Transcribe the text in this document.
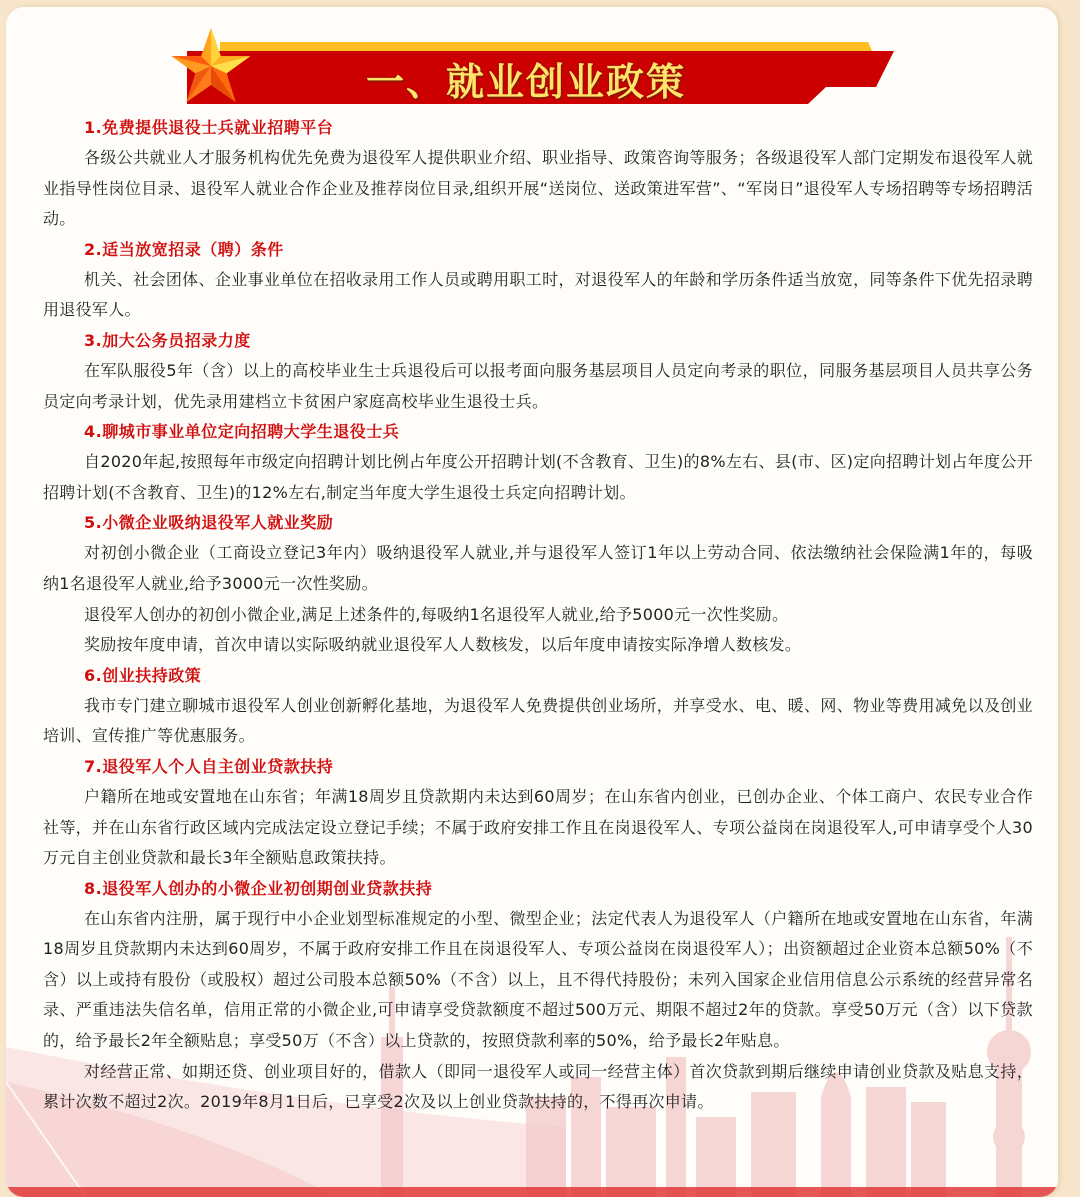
一、就业创业政策
1.免费提供退役士兵就业招聘平台

各级公共就业人才服务机构优先免费为退役军人提供职业介绍、职业指导、政策咨询等服务；各级退役军人部门定期发布退役军人就业指导性岗位目录、退役军人就业合作企业及推荐岗位目录,组织开展“送岗位、送政策进军营”、“军岗日”退役军人专场招聘等专场招聘活动。

2.适当放宽招录（聘）条件

机关、社会团体、企业事业单位在招收录用工作人员或聘用职工时，对退役军人的年龄和学历条件适当放宽，同等条件下优先招录聘用退役军人。

3.加大公务员招录力度

在军队服役5年（含）以上的高校毕业生士兵退役后可以报考面向服务基层项目人员定向考录的职位，同服务基层项目人员共享公务员定向考录计划，优先录用建档立卡贫困户家庭高校毕业生退役士兵。

4.聊城市事业单位定向招聘大学生退役士兵

自2020年起,按照每年市级定向招聘计划比例占年度公开招聘计划(不含教育、卫生)的8%左右、县(市、区)定向招聘计划占年度公开招聘计划(不含教育、卫生)的12%左右,制定当年度大学生退役士兵定向招聘计划。

5.小微企业吸纳退役军人就业奖励

对初创小微企业（工商设立登记3年内）吸纳退役军人就业,并与退役军人签订1年以上劳动合同、依法缴纳社会保险满1年的，每吸纳1名退役军人就业,给予3000元一次性奖励。

退役军人创办的初创小微企业,满足上述条件的,每吸纳1名退役军人就业,给予5000元一次性奖励。

奖励按年度申请，首次申请以实际吸纳就业退役军人人数核发，以后年度申请按实际净增人数核发。

6.创业扶持政策

我市专门建立聊城市退役军人创业创新孵化基地，为退役军人免费提供创业场所，并享受水、电、暖、网、物业等费用减免以及创业培训、宣传推广等优惠服务。

7.退役军人个人自主创业贷款扶持

户籍所在地或安置地在山东省；年满18周岁且贷款期内未达到60周岁；在山东省内创业，已创办企业、个体工商户、农民专业合作社等，并在山东省行政区域内完成法定设立登记手续；不属于政府安排工作且在岗退役军人、专项公益岗在岗退役军人,可申请享受个人30万元自主创业贷款和最长3年全额贴息政策扶持。

8.退役军人创办的小微企业初创期创业贷款扶持

在山东省内注册，属于现行中小企业划型标准规定的小型、微型企业；法定代表人为退役军人（户籍所在地或安置地在山东省，年满18周岁且贷款期内未达到60周岁，不属于政府安排工作且在岗退役军人、专项公益岗在岗退役军人）；出资额超过企业资本总额50%（不含）以上或持有股份（或股权）超过公司股本总额50%（不含）以上，且不得代持股份；未列入国家企业信用信息公示系统的经营异常名录、严重违法失信名单，信用正常的小微企业,可申请享受贷款额度不超过500万元、期限不超过2年的贷款。享受50万元（含）以下贷款的，给予最长2年全额贴息；享受50万（不含）以上贷款的，按照贷款利率的50%，给予最长2年贴息。

对经营正常、如期还贷、创业项目好的，借款人（即同一退役军人或同一经营主体）首次贷款到期后继续申请创业贷款及贴息支持，累计次数不超过2次。2019年8月1日后，已享受2次及以上创业贷款扶持的，不得再次申请。
